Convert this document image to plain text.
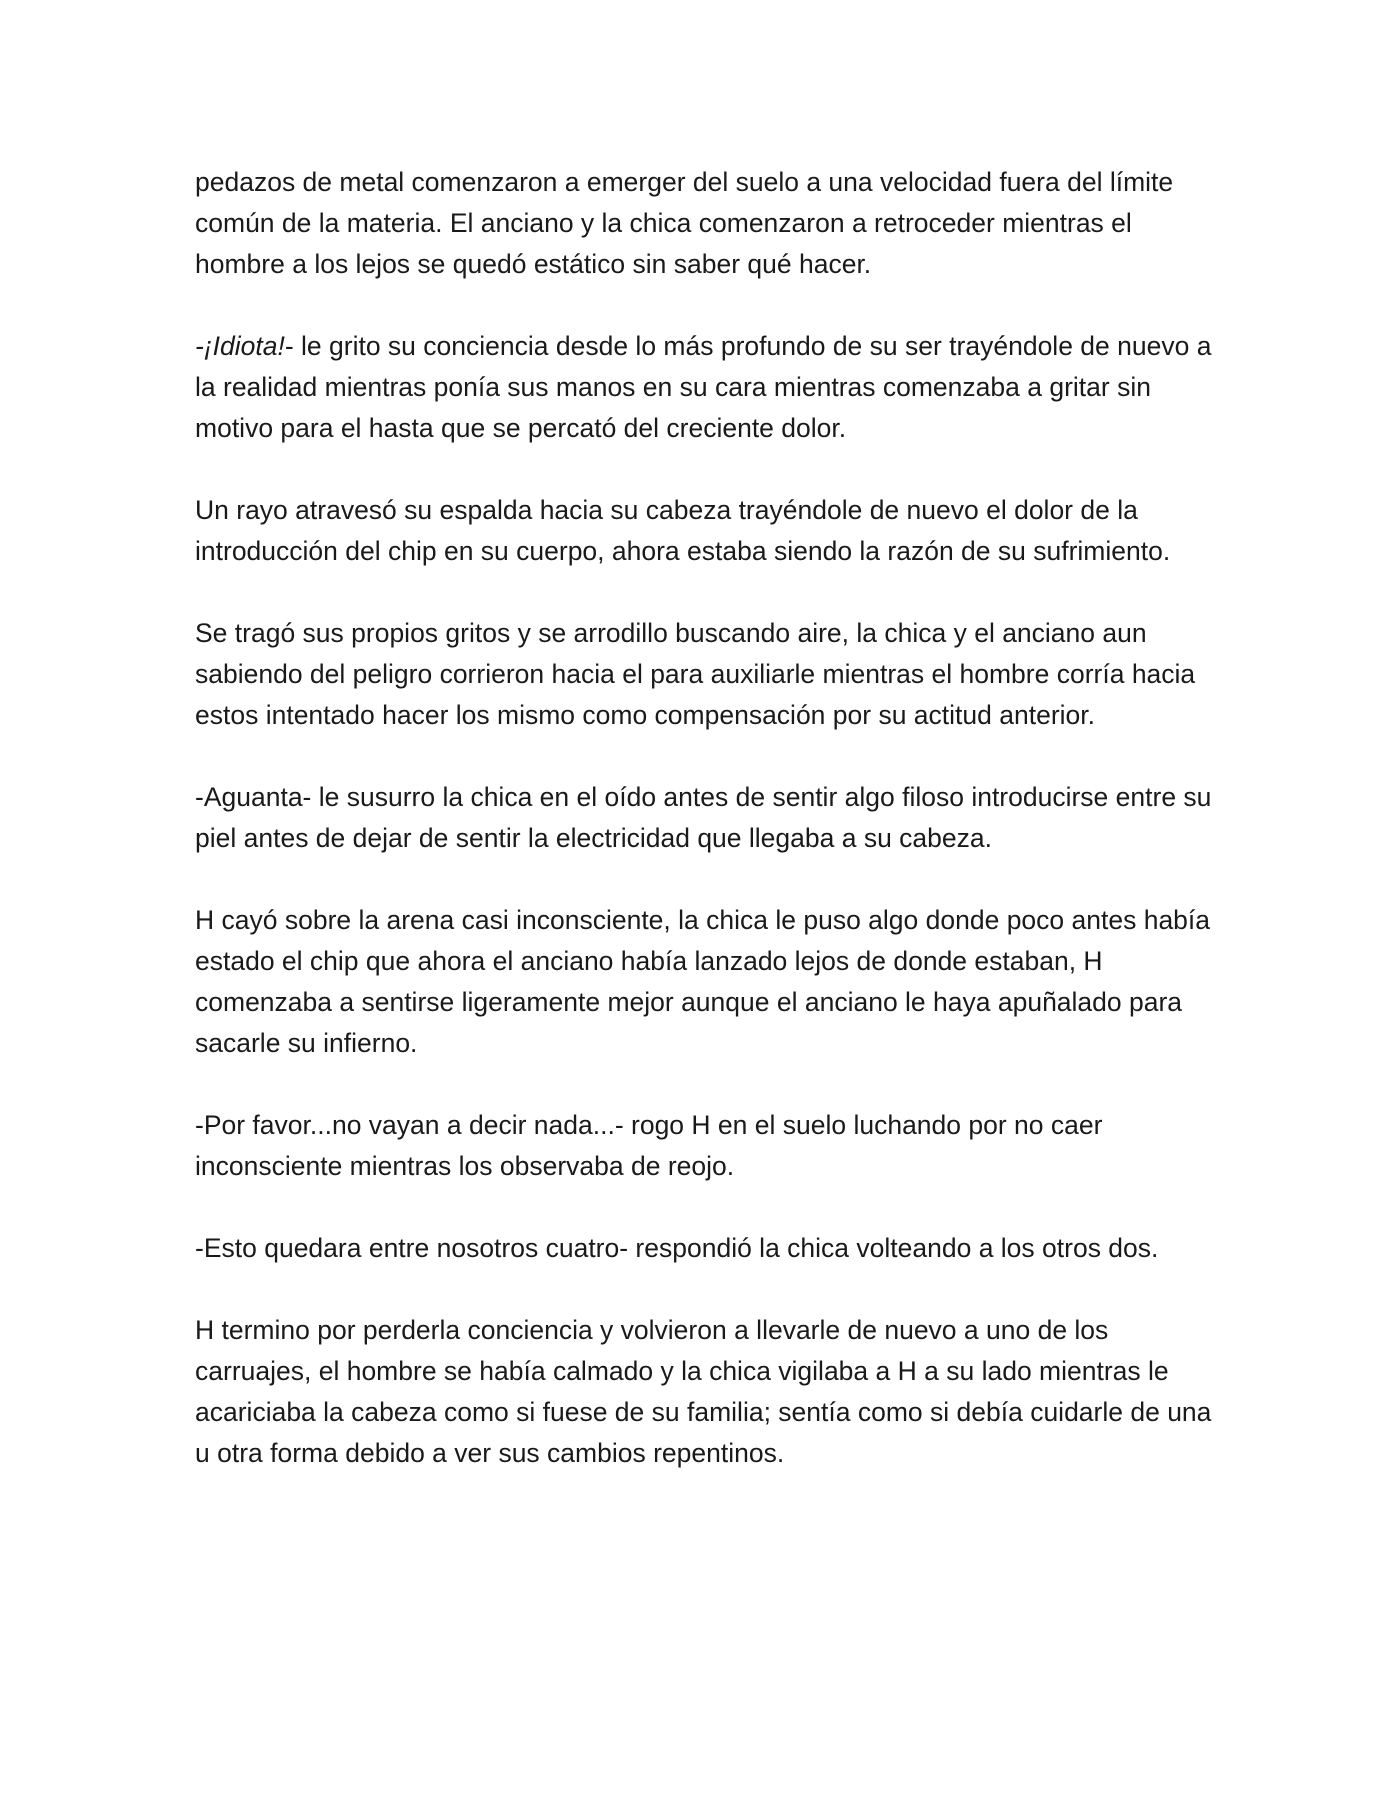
pedazos de metal comenzaron a emerger del suelo a una velocidad fuera del límite común de la materia. El anciano y la chica comenzaron a retroceder mientras el hombre a los lejos se quedó estático sin saber qué hacer.

-¡Idiota!- le grito su conciencia desde lo más profundo de su ser trayéndole de nuevo a la realidad mientras ponía sus manos en su cara mientras comenzaba a gritar sin motivo para el hasta que se percató del creciente dolor.

Un rayo atravesó su espalda hacia su cabeza trayéndole de nuevo el dolor de la introducción del chip en su cuerpo, ahora estaba siendo la razón de su sufrimiento.

Se tragó sus propios gritos y se arrodillo buscando aire, la chica y el anciano aun sabiendo del peligro corrieron hacia el para auxiliarle mientras el hombre corría hacia estos intentado hacer los mismo como compensación por su actitud anterior.

-Aguanta- le susurro la chica en el oído antes de sentir algo filoso introducirse entre su piel antes de dejar de sentir la electricidad que llegaba a su cabeza.

H cayó sobre la arena casi inconsciente, la chica le puso algo donde poco antes había estado el chip que ahora el anciano había lanzado lejos de donde estaban, H comenzaba a sentirse ligeramente mejor aunque el anciano le haya apuñalado para sacarle su infierno.

-Por favor...no vayan a decir nada...- rogo H en el suelo luchando por no caer inconsciente mientras los observaba de reojo.

-Esto quedara entre nosotros cuatro- respondió la chica volteando a los otros dos.

H termino por perderla conciencia y volvieron a llevarle de nuevo a uno de los carruajes, el hombre se había calmado y la chica vigilaba a H a su lado mientras le acariciaba la cabeza como si fuese de su familia; sentía como si debía cuidarle de una u otra forma debido a ver sus cambios repentinos.
